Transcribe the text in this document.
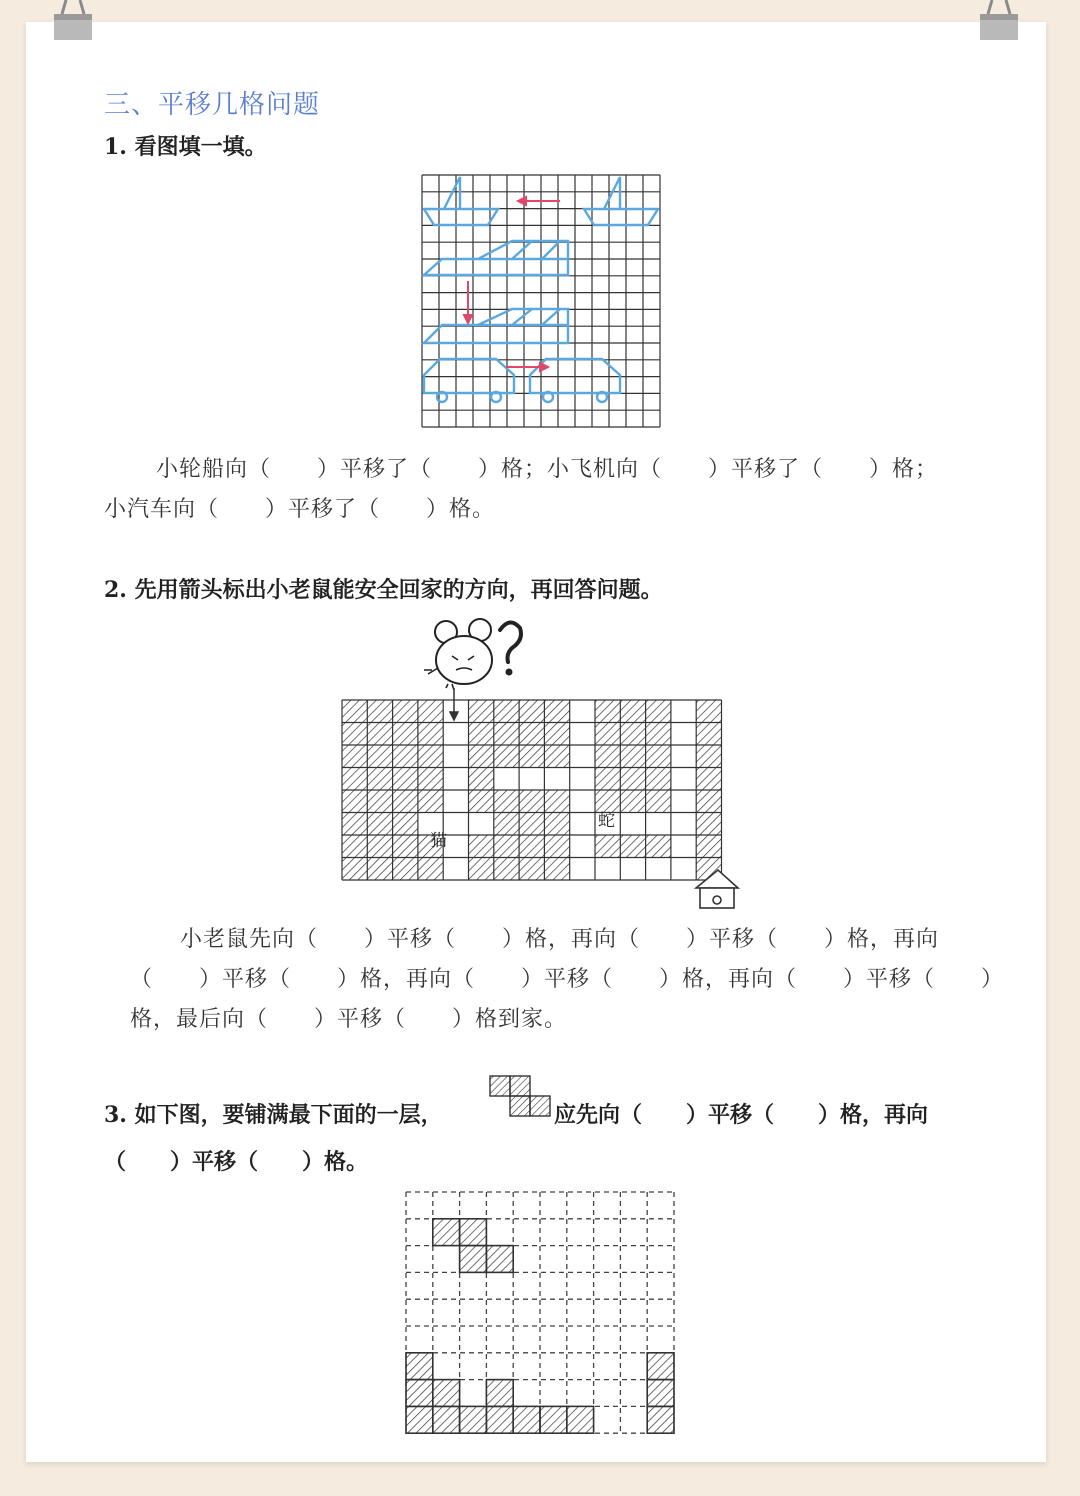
三、平移几格问题
1. 看图填一填。
小轮船向（　　）平移了（　　）格；小飞机向（　　）平移了（　　）格；
小汽车向（　　）平移了（　　）格。
2. 先用箭头标出小老鼠能安全回家的方向，再回答问题。
猫
蛇
小老鼠先向（　　）平移（　　）格，再向（　　）平移（　　）格，再向
（　　）平移（　　）格，再向（　　）平移（　　）格，再向（　　）平移（　　）
格，最后向（　　）平移（　　）格到家。
3. 如下图，要铺满最下面的一层，	应先向（　　）平移（　　）格，再向
（　　）平移（　　）格。
